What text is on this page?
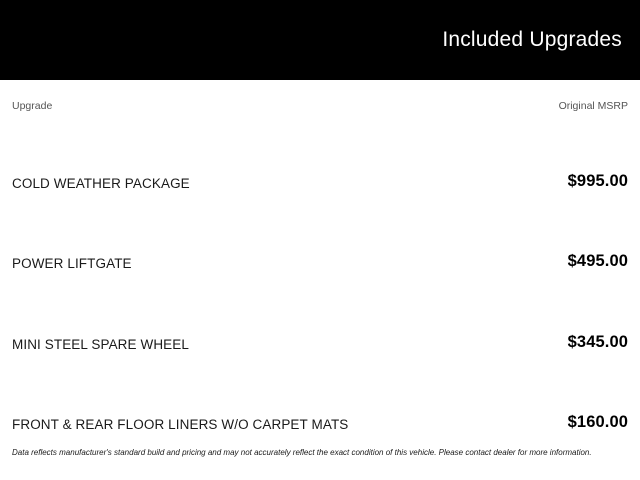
Included Upgrades
Upgrade	Original MSRP
COLD WEATHER PACKAGE	$995.00
POWER LIFTGATE	$495.00
MINI STEEL SPARE WHEEL	$345.00
FRONT & REAR FLOOR LINERS W/O CARPET MATS	$160.00
Data reflects manufacturer's standard build and pricing and may not accurately reflect the exact condition of this vehicle. Please contact dealer for more information.
